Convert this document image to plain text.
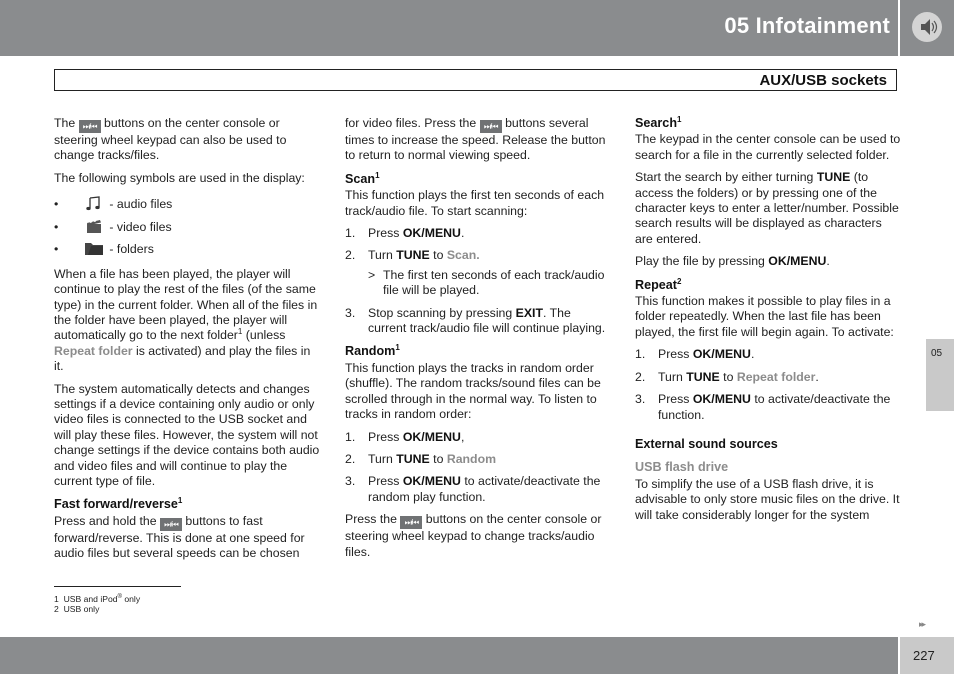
05 Infotainment
AUX/USB sockets

The ⏭/⏮ buttons on the center console or steering wheel keypad can also be used to change tracks/files.

The following symbols are used in the display:

•	- audio files
•	- video files
•	- folders

When a file has been played, the player will continue to play the rest of the files (of the same type) in the current folder. When all of the files in the folder have been played, the player will automatically go to the next folder$^1$ (unless Repeat folder is activated) and play the files in it.

The system automatically detects and changes settings if a device containing only audio or only video files is connected to the USB socket and will play these files. However, the system will not change settings if the device contains both audio and video files and will continue to play the current type of file.

Fast forward/reverse$^1$

Press and hold the ⏭/⏮ buttons to fast forward/reverse. This is done at one speed for audio files but several speeds can be chosen

for video files. Press the ⏭/⏮ buttons several times to increase the speed. Release the button to return to normal viewing speed.

Scan$^1$

This function plays the first ten seconds of each track/audio file. To start scanning:

1. Press OK/MENU.
2. Turn TUNE to Scan.
> The first ten seconds of each track/audio file will be played.
3. Stop scanning by pressing EXIT. The current track/audio file will continue playing.
Random$^1$

This function plays the tracks in random order (shuffle). The random tracks/sound files can be scrolled through in the normal way. To listen to tracks in random order:

1. Press OK/MENU,
2. Turn TUNE to Random
3. Press OK/MENU to activate/deactivate the random play function.

Press the ⏭/⏮ buttons on the center console or steering wheel keypad to change tracks/audio files.

Search$^1$

The keypad in the center console can be used to search for a file in the currently selected folder.

Start the search by either turning TUNE (to access the folders) or by pressing one of the character keys to enter a letter/number. Possible search results will be displayed as characters are entered.

Play the file by pressing OK/MENU.

Repeat$^2$

This function makes it possible to play files in a folder repeatedly. When the last file has been played, the first file will begin again. To activate:

1. Press OK/MENU.
2. Turn TUNE to Repeat folder.
3. Press OK/MENU to activate/deactivate the function.
External sound sources
USB flash drive

To simplify the use of a USB flash drive, it is advisable to only store music files on the drive. It will take considerably longer for the system

1 USB and iPod® only
2 USB only
05
▸▸
227
